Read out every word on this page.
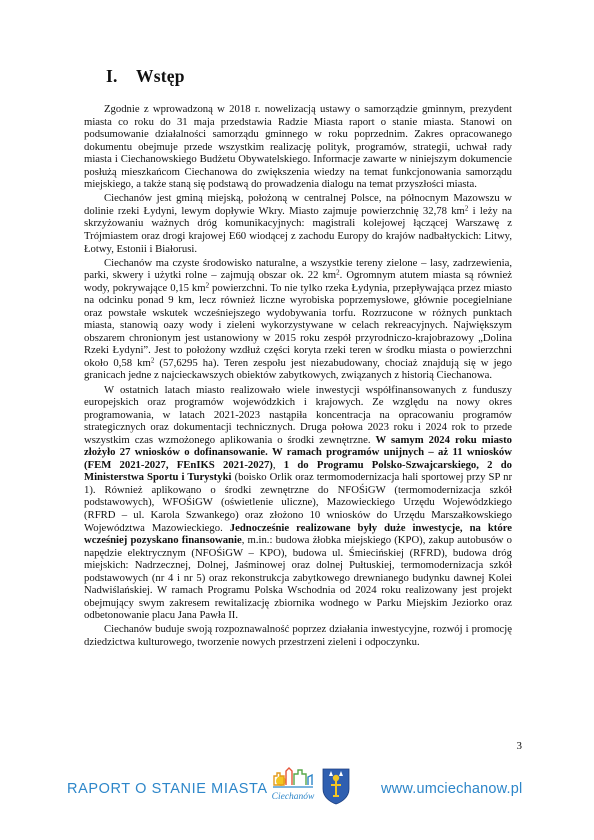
I. Wstęp

Zgodnie z wprowadzoną w 2018 r. nowelizacją ustawy o samorządzie gminnym, prezydent miasta co roku do 31 maja przedstawia Radzie Miasta raport o stanie miasta. Stanowi on podsumowanie działalności samorządu gminnego w roku poprzednim. Zakres opracowanego dokumentu obejmuje przede wszystkim realizację polityk, programów, strategii, uchwał rady miasta i Ciechanowskiego Budżetu Obywatelskiego. Informacje zawarte w niniejszym dokumencie posłużą mieszkańcom Ciechanowa do zwiększenia wiedzy na temat funkcjonowania samorządu miejskiego, a także staną się podstawą do prowadzenia dialogu na temat przyszłości miasta.

Ciechanów jest gminą miejską, położoną w centralnej Polsce, na północnym Mazowszu w dolinie rzeki Łydyni, lewym dopływie Wkry. Miasto zajmuje powierzchnię 32,78 $km^2$ i leży na skrzyżowaniu ważnych dróg komunikacyjnych: magistrali kolejowej łączącej Warszawę z Trójmiastem oraz drogi krajowej E60 wiodącej z zachodu Europy do krajów nadbałtyckich: Litwy, Łotwy, Estonii i Białorusi.

Ciechanów ma czyste środowisko naturalne, a wszystkie tereny zielone – lasy, zadrzewienia, parki, skwery i użytki rolne – zajmują obszar ok. 22 $km^2$. Ogromnym atutem miasta są również wody, pokrywające 0,15 $km^2$ powierzchni. To nie tylko rzeka Łydynia, przepływająca przez miasto na odcinku ponad 9 km, lecz również liczne wyrobiska poprzemysłowe, głównie pocegielniane oraz powstałe wskutek wcześniejszego wydobywania torfu. Rozrzucone w różnych punktach miasta, stanowią oazy wody i zieleni wykorzystywane w celach rekreacyjnych. Największym obszarem chronionym jest ustanowiony w 2015 roku zespół przyrodniczo-krajobrazowy „Dolina Rzeki Łydyni”. Jest to położony wzdłuż części koryta rzeki teren w środku miasta o powierzchni około 0,58 $km^2$ (57,6295 ha). Teren zespołu jest niezabudowany, chociaż znajdują się w jego granicach jedne z najcieckawszych obiektów zabytkowych, związanych z historią Ciechanowa.

W ostatnich latach miasto realizowało wiele inwestycji współfinansowanych z funduszy europejskich oraz programów wojewódzkich i krajowych. Ze względu na nowy okres programowania, w latach 2021-2023 nastąpiła koncentracja na opracowaniu programów strategicznych oraz dokumentacji technicznych. Druga połowa 2023 roku i 2024 rok to przede wszystkim czas wzmożonego aplikowania o środki zewnętrzne. W samym 2024 roku miasto złożyło 27 wniosków o dofinansowanie. W ramach programów unijnych – aż 11 wniosków (FEM 2021-2027, FEnIKS 2021-2027), 1 do Programu Polsko-Szwajcarskiego, 2 do Ministerstwa Sportu i Turystyki (boisko Orlik oraz termomodernizacja hali sportowej przy SP nr 1). Również aplikowano o środki zewnętrzne do NFOŚiGW (termomodernizacja szkół podstawowych), WFOŚiGW (oświetlenie uliczne), Mazowieckiego Urzędu Wojewódzkiego (RFRD – ul. Karola Szwankego) oraz złożono 10 wniosków do Urzędu Marszałkowskiego Województwa Mazowieckiego. Jednocześnie realizowane były duże inwestycje, na które wcześniej pozyskano finansowanie, m.in.: budowa żłobka miejskiego (KPO), zakup autobusów o napędzie elektrycznym (NFOŚiGW – KPO), budowa ul. Śmiecińskiej (RFRD), budowa dróg miejskich: Nadrzecznej, Dolnej, Jaśminowej oraz dolnej Pułtuskiej, termomodernizacja szkół podstawowych (nr 4 i nr 5) oraz rekonstrukcja zabytkowego drewnianego budynku dawnej Kolei Nadwiślańskiej. W ramach Programu Polska Wschodnia od 2024 roku realizowany jest projekt obejmujący swym zakresem rewitalizację zbiornika wodnego w Parku Miejskim Jeziorko oraz odbetonowanie placu Jana Pawła II.

Ciechanów buduje swoją rozpoznawalność poprzez działania inwestycyjne, rozwój i promocję dziedzictwa kulturowego, tworzenie nowych przestrzeni zieleni i odpoczynku.

3
RAPORT O STANIE MIASTA Ciechanów	www.umciechanow.pl
